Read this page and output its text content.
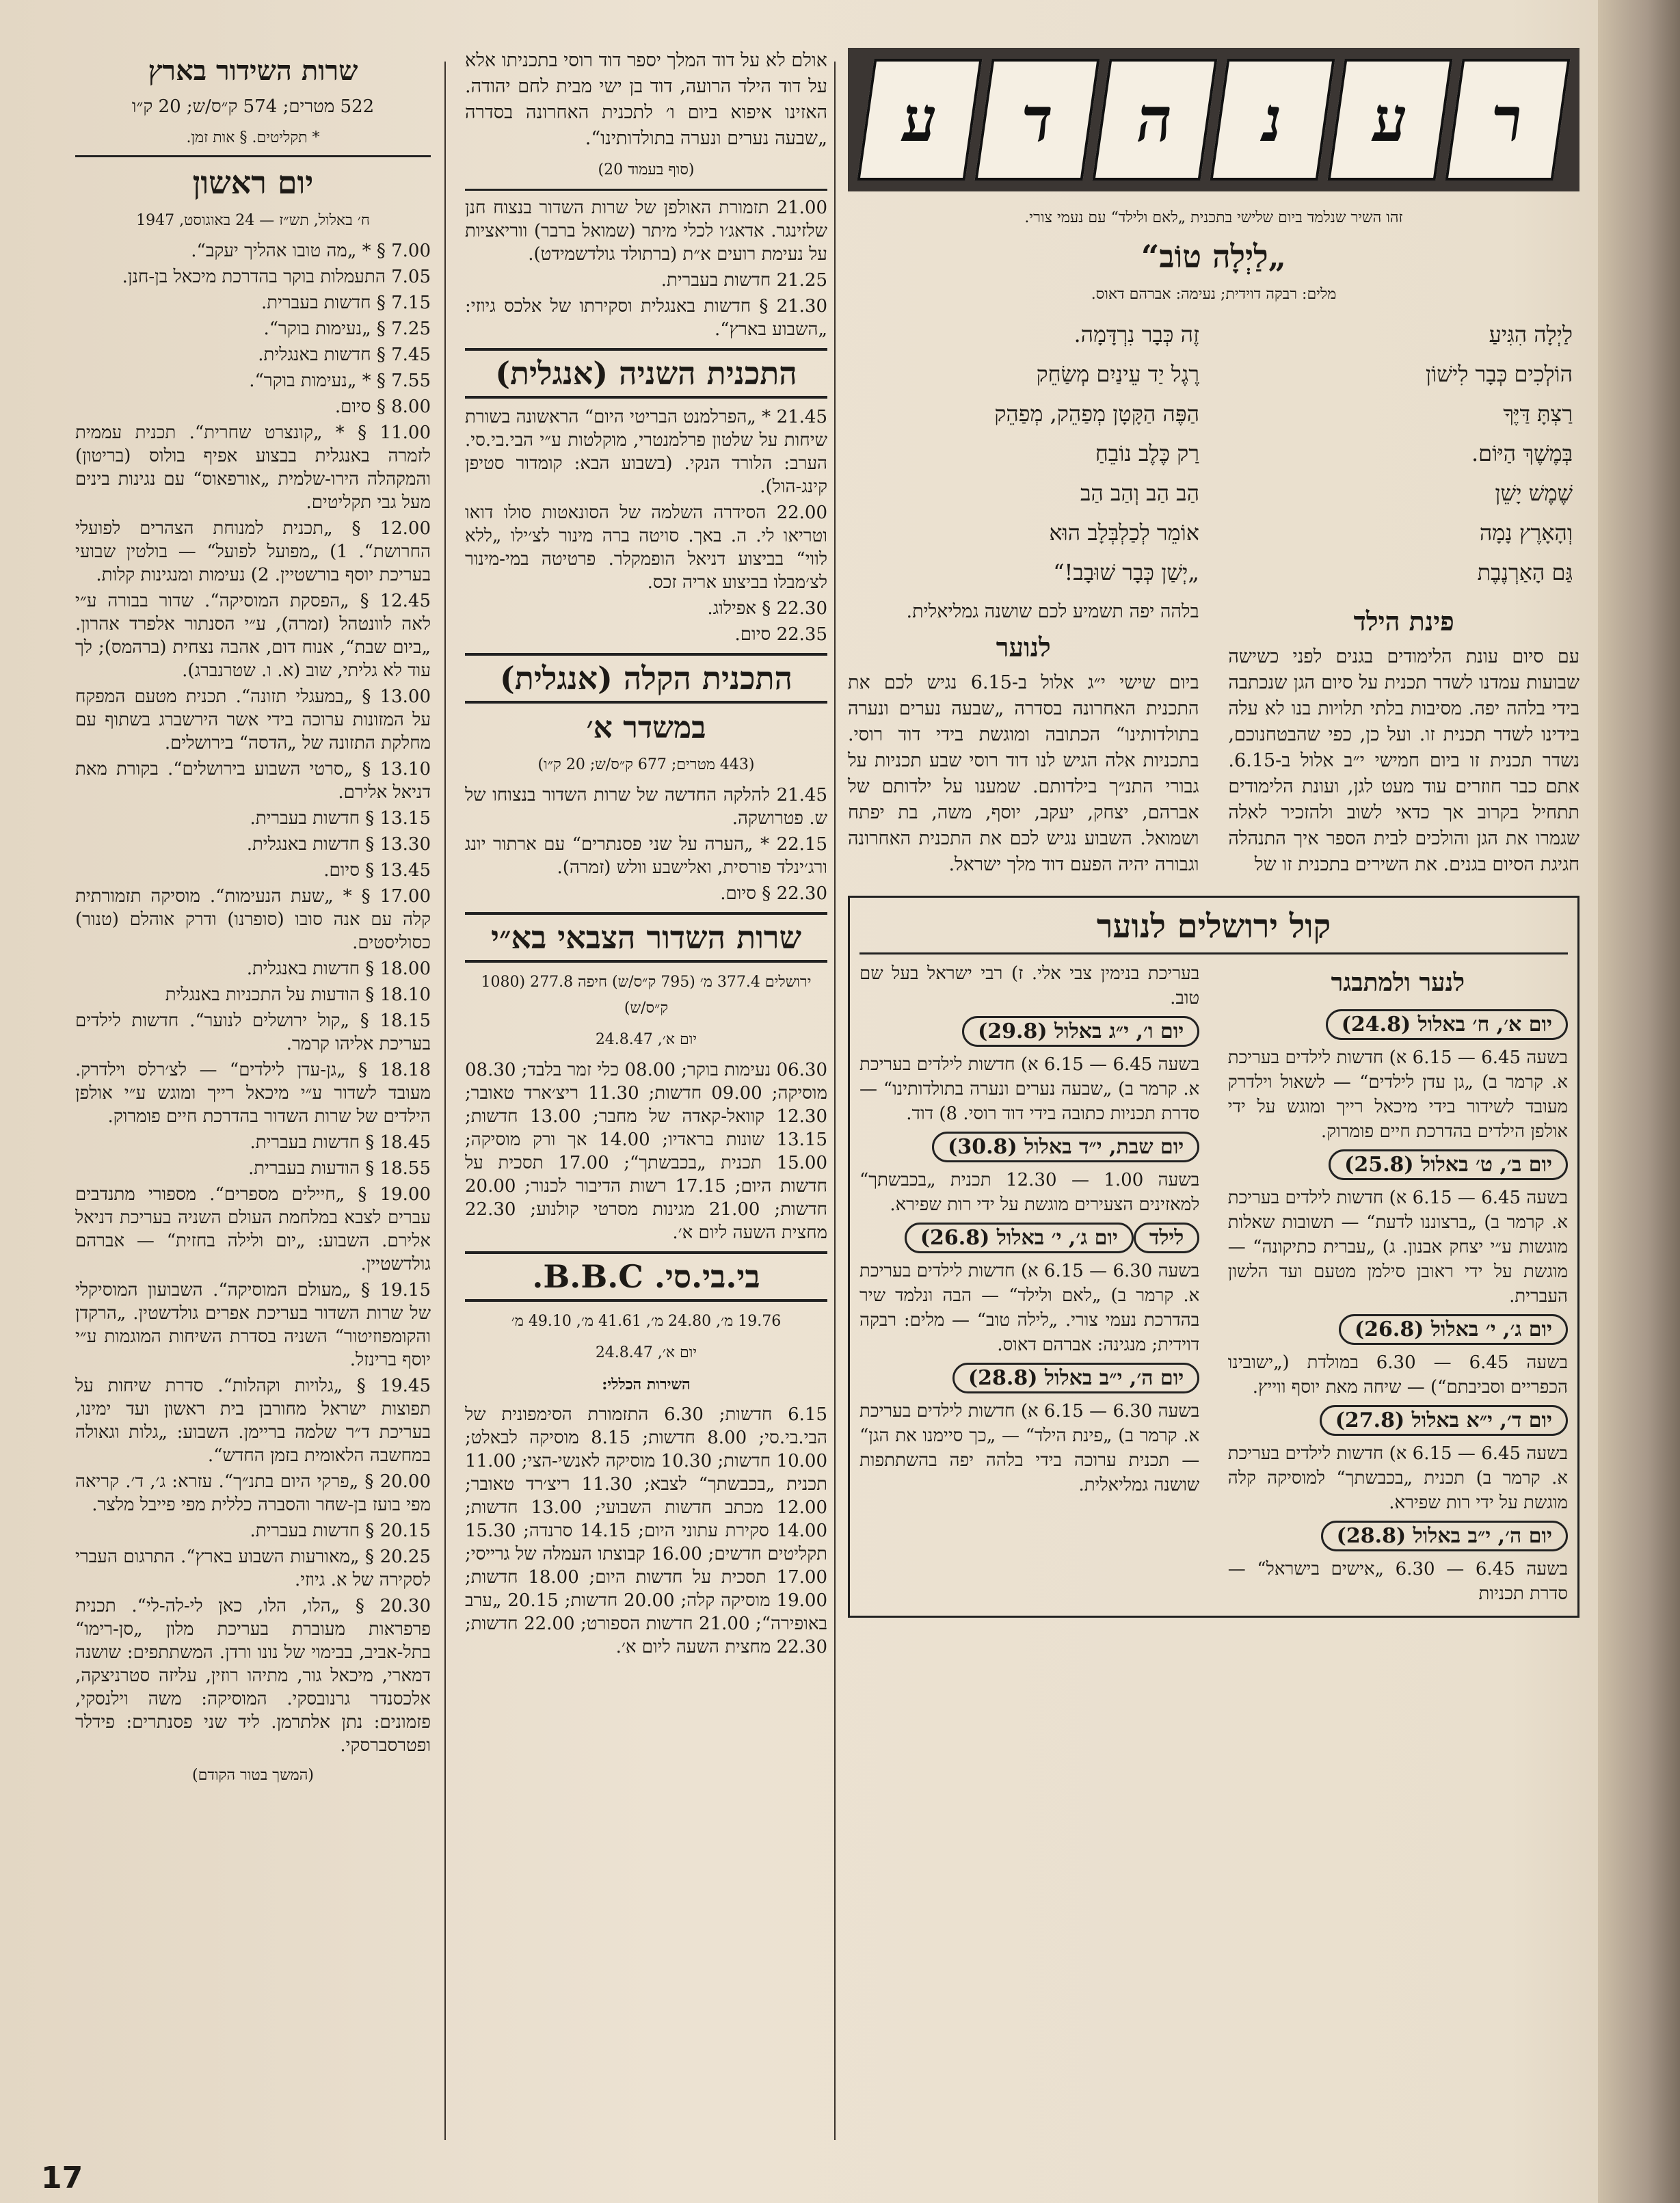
ר
ע
נ
ה
ד
ע

זהו השיר שנלמד ביום שלישי בתכנית „לאם ולילד“ עם נעמי צורי.

„לַיְלָה טוֹב“

מלים: רבקה דוידית; נעימה: אברהם דאוס.

לַיְלָה הִגִּיעַ

הוֹלְכִים כְּבָר לִישׁוֹן

רַצְתָּ דַּיֶּךָ

בְּמֶשֶׁךְ הַיּוֹם.

שֶׁמֶשׁ יָשֵׁן

וְהָאָרֶץ נָמָה

גַּם הָאַרְנֶבֶת

זֶה כְּבָר נִרְדָּמָה.

רֶגֶל יַד עֵינַיִם מְשַׂחֵק

הַפֶּה הַקָּטָן מְפַהֵק, מְפַהֵק

רַק כֶּלֶב נוֹבֵחַ

הַב הַב וְהַב הַב

אוֹמֵר לְכַלְבְּלָב הוּא

„יְשַׁן כְּבָר שׁוּבָב!“

פינת הילד

עם סיום עונת הלימודים בגנים לפני כשישה שבועות עמדנו לשדר תכנית על סיום הגן שנכתבה בידי בלהה יפה. מסיבות בלתי תלויות בנו לא עלה בידינו לשדר תכנית זו. ועל כן, כפי שהבטחנוכם, נשדר תכנית זו ביום חמישי י״ב אלול ב-6.15. אתם כבר חוזרים עוד מעט לגן, ועונת הלימודים תתחיל בקרוב אך כדאי לשוב ולהזכיר לאלה שגמרו את הגן והולכים לבית הספר איך התנהלה חגיגת הסיום בגנים. את השירים בתכנית זו של

בלהה יפה תשמיע לכם שושנה גמליאלית.

לנוער

ביום שישי י״ג אלול ב-6.15 נגיש לכם את התכנית האחרונה בסדרה „שבעה נערים ונערה בתולדותינו“ הכתובה ומוגשת בידי דוד רוסי. בתכניות אלה הגיש לנו דוד רוסי שבע תכניות על גבורי התנ״ך בילדותם. שמענו על ילדותם של אברהם, יצחק, יעקב, יוסף, משה, בת יפתח ושמואל. השבוע נגיש לכם את התכנית האחרונה וגבורה יהיה הפעם דוד מלך ישראל.

קול ירושלים לנוער
לנער ולמתבגר
יום א׳, ח׳ באלול (24.8)

בשעה 6.45 — 6.15 א) חדשות לילדים בעריכת א. קרמר ב) „גן עדן לילדים“ — לשאול וילדרק מעובד לשידור בידי מיכאל רייך ומוגש על ידי אולפן הילדים בהדרכת חיים פומרוק.

יום ב׳, ט׳ באלול (25.8)

בשעה 6.45 — 6.15 א) חדשות לילדים בעריכת א. קרמר ב) „ברצוננו לדעת“ — תשובות שאלות מוגשות ע״י יצחק אבנון. ג) „עברית כתיקונה“ — מוגשת על ידי ראובן סילמן מטעם ועד הלשון העברית.

יום ג׳, י׳ באלול (26.8)

בשעה 6.45 — 6.30 במולדת („ישובינו הכפריים וסביבתם“) — שיחה מאת יוסף ווייץ.

יום ד׳, י״א באלול (27.8)

בשעה 6.45 — 6.15 א) חדשות לילדים בעריכת א. קרמר ב) תכנית „בכבשתך“ למוסיקה קלה מוגשת על ידי רות שפירא.

יום ה׳, י״ב באלול (28.8)

בשעה 6.45 — 6.30 „אישים בישראל“ — סדרת תכניות

בעריכת בנימין צבי אלי. ז) רבי ישראל בעל שם טוב.

יום ו׳, י״ג באלול (29.8)

בשעה 6.45 — 6.15 א) חדשות לילדים בעריכת א. קרמר ב) „שבעה נערים ונערה בתולדותינו“ — סדרת תכניות כתובה בידי דוד רוסי. 8) דוד.

יום שבת, י״ד באלול (30.8)

בשעה 1.00 — 12.30 תכנית „בכבשתך“ למאזינים הצעירים מוגשת על ידי רות שפירא.

לילדיום ג׳, י׳ באלול (26.8)

בשעה 6.30 — 6.15 א) חדשות לילדים בעריכת א. קרמר ב) „לאם ולילד“ — הבה ונלמד שיר בהדרכת נעמי צורי. „לילה טוב“ — מלים: רבקה דוידית; מנגינה: אברהם דאוס.

יום ה׳, י״ב באלול (28.8)

בשעה 6.30 — 6.15 א) חדשות לילדים בעריכת א. קרמר ב) „פינת הילד“ — „כך סיימנו את הגן“ — תכנית ערוכה בידי בלהה יפה בהשתתפות שושנה גמליאלית.

אולם לא על דוד המלך יספר דוד רוסי בתכניתו אלא על דוד הילד הרועה, דוד בן ישי מבית לחם יהודה. האזינו איפוא ביום ו׳ לתכנית האחרונה בסדרה „שבעה נערים ונערה בתולדותינו“.

(סוף בעמוד 20)

21.00 תזמורת האולפן של שרות השדור בנצוח חנן שלזינגר. אדאג׳ו לכלי מיתר (שמואל ברבר) ווריאציות על נעימת רועים א״ת (ברתולד גולדשמידט).

21.25 חדשות בעברית.

21.30 § חדשות באנגלית וסקירתו של אלכס גיוזי: „השבוע בארץ“.

התכנית השניה (אנגלית)

21.45 * „הפרלמנט הבריטי היום“ הראשונה בשורת שיחות על שלטון פרלמנטרי, מוקלטות ע״י הבי.בי.סי. הערב: הלורד הנקי. (בשבוע הבא: קומדור סטיפן קינג-הול).

22.00 הסידרה השלמה של הסונאטות סולו דואו וטריאו לי. ה. באך. סויטה ברה מינור לצ׳ילו „ללא לווי“ בביצוע דניאל הופמקלר. פרטיטה במי-מינור לצ׳מבלו בביצוע אריה זכס.

22.30 § אפילוג.

22.35 סיום.

התכנית הקלה (אנגלית)
במשדר א׳

(443 מטרים; 677 ק״ס/ש; 20 ק״ו)

21.45 להלקה החדשה של שרות השדור בנצוחו של ש. פטרושקה.

22.15 * „הערה על שני פסנתרים“ עם ארתור יונג ורג׳ינלד פורסית, ואלישבע וולש (זמרה).

22.30 § סיום.

שרות השדור הצבאי בא״י

ירושלים 377.4 מ׳ (795 ק״ס/ש) חיפה 277.8 (1080 ק״ס/ש)

יום א׳, 24.8.47

06.30 נעימות בוקר; 08.00 כלי זמר בלבד; 08.30 מוסיקה; 09.00 חדשות; 11.30 ריצ׳ארד טאובר; 12.30 קוואל-קאדה של מחבר; 13.00 חדשות; 13.15 שונות בראדיו; 14.00 אך ורק מוסיקה; 15.00 תכנית „בכבשתך“; 17.00 תסכית על חדשות היום; 17.15 רשות הדיבור לכנור; 20.00 חדשות; 21.00 מגינות מסרטי קולנוע; 22.30 מחצית השעה ליום א׳.

בי.בי.סי. B.B.C.

19.76 מ׳, 24.80 מ׳, 41.61 מ׳, 49.10 מ׳

יום א׳, 24.8.47

השירות הכללי:

6.15 חדשות; 6.30 התזמורת הסימפונית של הבי.בי.סי; 8.00 חדשות; 8.15 מוסיקה לבאלט; 10.00 חדשות; 10.30 מוסיקה לאנשי-הצי; 11.00 תכנית „בכבשתך“ לצבא; 11.30 ריצ׳רד טאובר; 12.00 מכתב חדשות השבועי; 13.00 חדשות; 14.00 סקירת עתוני היום; 14.15 סרנדה; 15.30 תקליטים חדשים; 16.00 קבוצתו העמלה של גרייסי; 17.00 תסכית על חדשות היום; 18.00 חדשות; 19.00 מוסיקה קלה; 20.00 חדשות; 20.15 „ערב באופירה“; 21.00 חדשות הספורט; 22.00 חדשות; 22.30 מחצית השעה ליום א׳.

שרות השידור בארץ

522 מטרים; 574 ק״ס/ש; 20 ק״ו

* תקליטים. § אות זמן.

יום ראשון

ח׳ באלול, תש״ז — 24 באוגוסט, 1947

7.00 § * „מה טובו אהליך יעקב“.

7.05 התעמלות בוקר בהדרכת מיכאל בן-חנן.

7.15 § חדשות בעברית.

7.25 § „נעימות בוקר“.

7.45 § חדשות באנגלית.

7.55 § * „נעימות בוקר“.

8.00 § סיום.

11.00 § * „קונצרט שחרית“. תכנית עממית לזמרה באנגלית בבצוע אפיף בולוס (בריטון) והמקהלה הירו-שלמית „אורפאוס“ עם נגינות בינים מעל גבי תקליטים.

12.00 § „תכנית למנוחת הצהרים לפועלי החרושת“. 1) „מפועל לפועל“ — בולטין שבועי בעריכת יוסף בורשטיין. 2) נעימות ומנגינות קלות.

12.45 § „הפסקת המוסיקה“. שדור בבורה ע״י לאה לוונטהל (זמרה), ע״י הסנתור אלפרד אהרון. „ביום שבת“, אנוח דום, אהבה נצחית (ברהמס); לך עוד לא גליתי, שוב (א. ו. שטרנברג).

13.00 § „במעגלי תזונה“. תכנית מטעם המפקח על המזונות ערוכה בידי אשר הירשברג בשתוף עם מחלקת התזונה של „הדסה“ בירושלים.

13.10 § „סרטי השבוע בירושלים“. בקורת מאת דניאל אלירם.

13.15 § חדשות בעברית.

13.30 § חדשות באנגלית.

13.45 § סיום.

17.00 § * „שעת הנעימות“. מוסיקה תזמורתית קלה עם אנה סובו (סופרנו) ודרק אוהלם (טנור) כסוליסטים.

18.00 § חדשות באנגלית.

18.10 § הודעות על התכניות באנגלית

18.15 § „קול ירושלים לנוער“. חדשות לילדים בעריכת אליהו קרמר.

18.18 § „גן-עדן לילדים“ — לצ׳רלס וילדרק. מעובד לשדור ע״י מיכאל רייך ומוגש ע״י אולפן הילדים של שרות השדור בהדרכת חיים פומרוק.

18.45 § חדשות בעברית.

18.55 § הודעות בעברית.

19.00 § „חיילים מספרים“. מספורי מתנדבים עברים לצבא במלחמת העולם השניה בעריכת דניאל אלירם. השבוע: „יום ולילה בחזית“ — אברהם גולדשטיין.

19.15 § „מעולם המוסיקה“. השבועון המוסיקלי של שרות השדור בעריכת אפרים גולדשטין. „הרקדן והקומפוזיטור“ השניה בסדרת השיחות המוגמות ע״י יוסף ברינזל.

19.45 § „גלויות וקהלות“. סדרת שיחות על תפוצות ישראל מחורבן בית ראשון ועד ימינו, בעריכת ד״ר שלמה בריימן. השבוע: „גלות וגאולה במחשבה הלאומית בזמן החדש“.

20.00 § „פרקי היום בתנ״ך“. עזרא: ג׳, ד׳. קריאה מפי בועז בן-שחר והסברה כללית מפי פייבל מלצר.

20.15 § חדשות בעברית.

20.25 § „מאורעות השבוע בארץ“. התרגום העברי לסקירה של א. גיוזי.

20.30 § „הלו, הלו, כאן לי-לה-לי“. תכנית פרפראות מעוברת בעריכת מלון „סן-רימו“ בתל-אביב, בבימוי של נונו ורדן. המשתתפים: שושנה דמארי, מיכאל גור, מתיהו רוזין, עליזה סטרניצקה, אלכסנדר גרנובסקי. המוסיקה: משה וילנסקי, פזמונים: נתן אלתרמן. ליד שני פסנתרים: פידלר ופטרסברסקי.

(המשך בטור הקודם)

17
